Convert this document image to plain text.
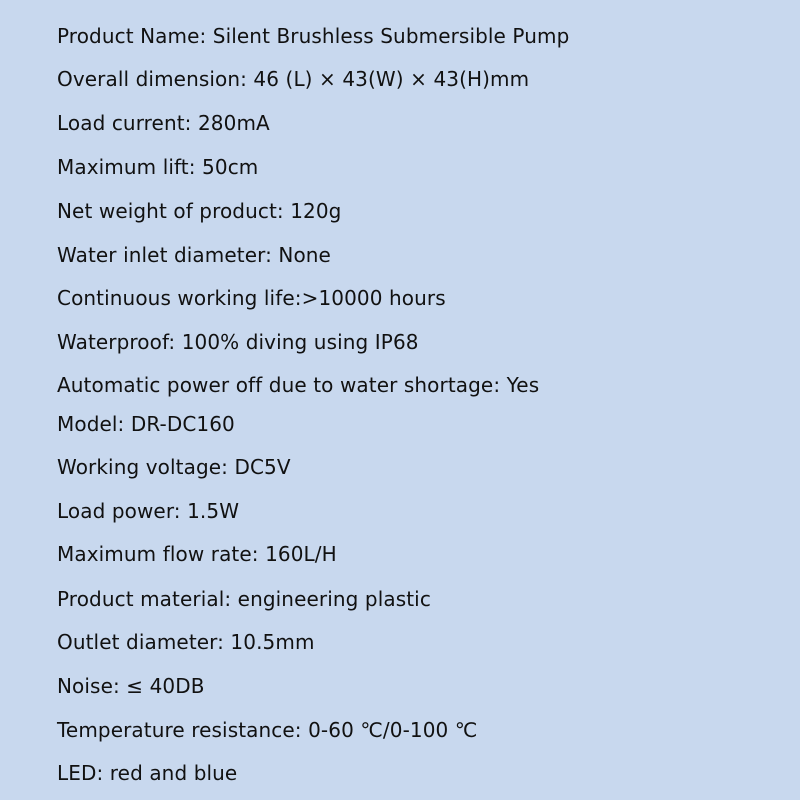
Product Name: Silent Brushless Submersible Pump
Overall dimension: 46 (L) × 43(W) × 43(H)mm
Load current: 280mA
Maximum lift: 50cm
Net weight of product: 120g
Water inlet diameter: None
Continuous working life:>10000 hours
Waterproof: 100% diving using IP68
Automatic power off due to water shortage: Yes
Model: DR-DC160
Working voltage: DC5V
Load power: 1.5W
Maximum flow rate: 160L/H
Product material: engineering plastic
Outlet diameter: 10.5mm
Noise: ≤ 40DB
Temperature resistance: 0-60 ℃/0-100 ℃
LED: red and blue
